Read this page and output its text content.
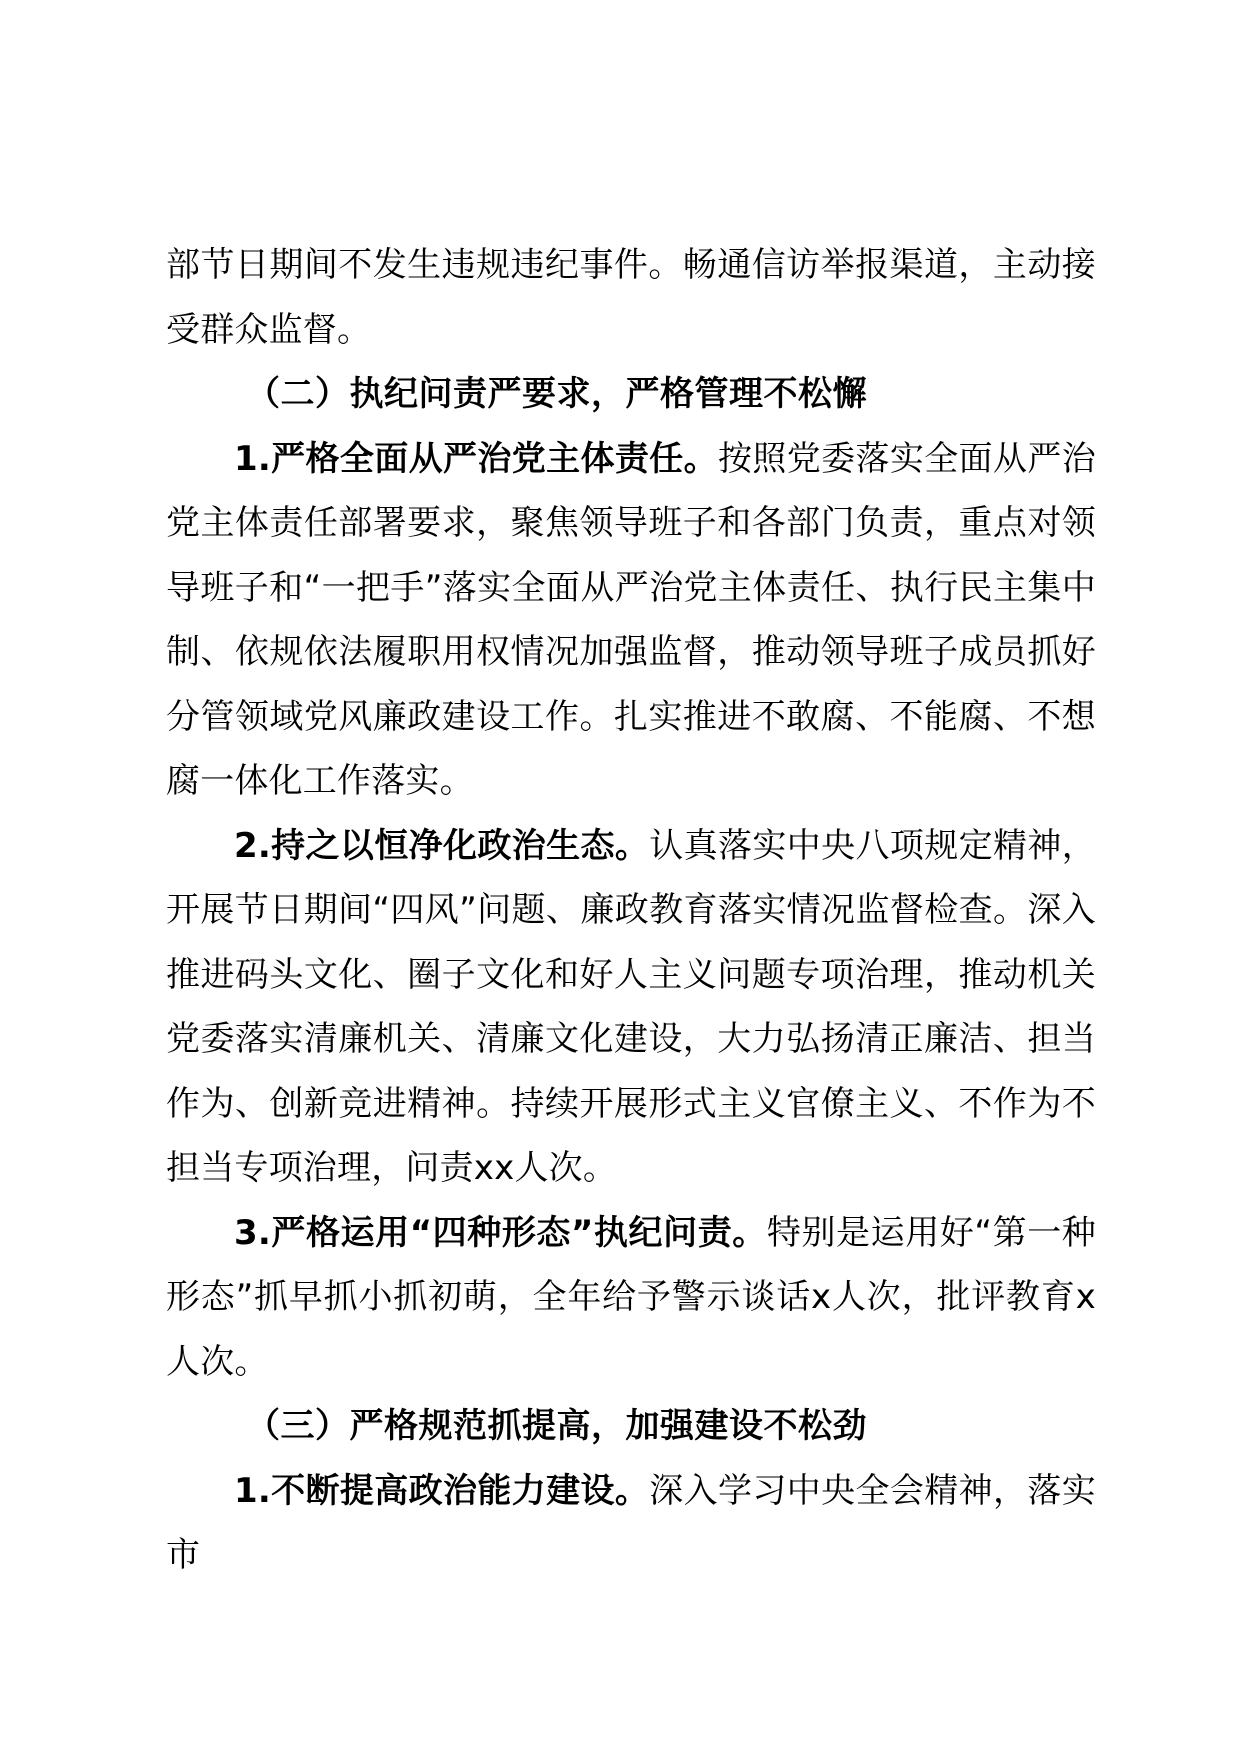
部节日期间不发生违规违纪事件。畅通信访举报渠道，主动接受群众监督。

（二）执纪问责严要求，严格管理不松懈

1.严格全面从严治党主体责任。按照党委落实全面从严治党主体责任部署要求，聚焦领导班子和各部门负责，重点对领导班子和“一把手”落实全面从严治党主体责任、执行民主集中制、依规依法履职用权情况加强监督，推动领导班子成员抓好分管领域党风廉政建设工作。扎实推进不敢腐、不能腐、不想腐一体化工作落实。

2.持之以恒净化政治生态。认真落实中央八项规定精神，开展节日期间“四风”问题、廉政教育落实情况监督检查。深入推进码头文化、圈子文化和好人主义问题专项治理，推动机关党委落实清廉机关、清廉文化建设，大力弘扬清正廉洁、担当作为、创新竞进精神。持续开展形式主义官僚主义、不作为不担当专项治理，问责xx人次。

3.严格运用“四种形态”执纪问责。特别是运用好“第一种形态”抓早抓小抓初萌，全年给予警示谈话x人次，批评教育x人次。

（三）严格规范抓提高，加强建设不松劲

1.不断提高政治能力建设。深入学习中央全会精神，落实市
